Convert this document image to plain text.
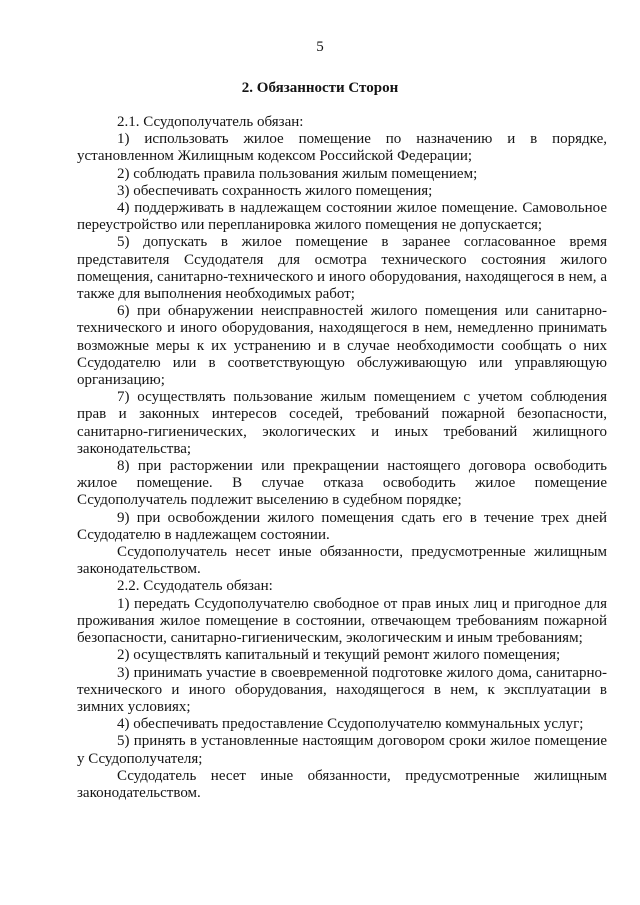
5
2. Обязанности Сторон

2.1. Ссудополучатель обязан:

1) использовать жилое помещение по назначению и в порядке, установленном Жилищным кодексом Российской Федерации;

2) соблюдать правила пользования жилым помещением;

3) обеспечивать сохранность жилого помещения;

4) поддерживать в надлежащем состоянии жилое помещение. Самовольное переустройство или перепланировка жилого помещения не допускается;

5) допускать в жилое помещение в заранее согласованное время представителя Ссудодателя для осмотра технического состояния жилого помещения, санитарно-технического и иного оборудования, находящегося в нем, а также для выполнения необходимых работ;

6) при обнаружении неисправностей жилого помещения или санитарно-технического и иного оборудования, находящегося в нем, немедленно принимать возможные меры к их устранению и в случае необходимости сообщать о них Ссудодателю или в соответствующую обслуживающую или управляющую организацию;

7) осуществлять пользование жилым помещением с учетом соблюдения прав и законных интересов соседей, требований пожарной безопасности, санитарно-гигиенических, экологических и иных требований жилищного законодательства;

8) при расторжении или прекращении настоящего договора освободить жилое помещение. В случае отказа освободить жилое помещение Ссудополучатель подлежит выселению в судебном порядке;

9) при освобождении жилого помещения сдать его в течение трех дней Ссудодателю в надлежащем состоянии.

Ссудополучатель несет иные обязанности, предусмотренные жилищным законодательством.

2.2. Ссудодатель обязан:

1) передать Ссудополучателю свободное от прав иных лиц и пригодное для проживания жилое помещение в состоянии, отвечающем требованиям пожарной безопасности, санитарно-гигиеническим, экологическим и иным требованиям;

2) осуществлять капитальный и текущий ремонт жилого помещения;

3) принимать участие в своевременной подготовке жилого дома, санитарно-технического и иного оборудования, находящегося в нем, к эксплуатации в зимних условиях;

4) обеспечивать предоставление Ссудополучателю коммунальных услуг;

5) принять в установленные настоящим договором сроки жилое помещение у Ссудополучателя;

Ссудодатель несет иные обязанности, предусмотренные жилищным законодательством.
